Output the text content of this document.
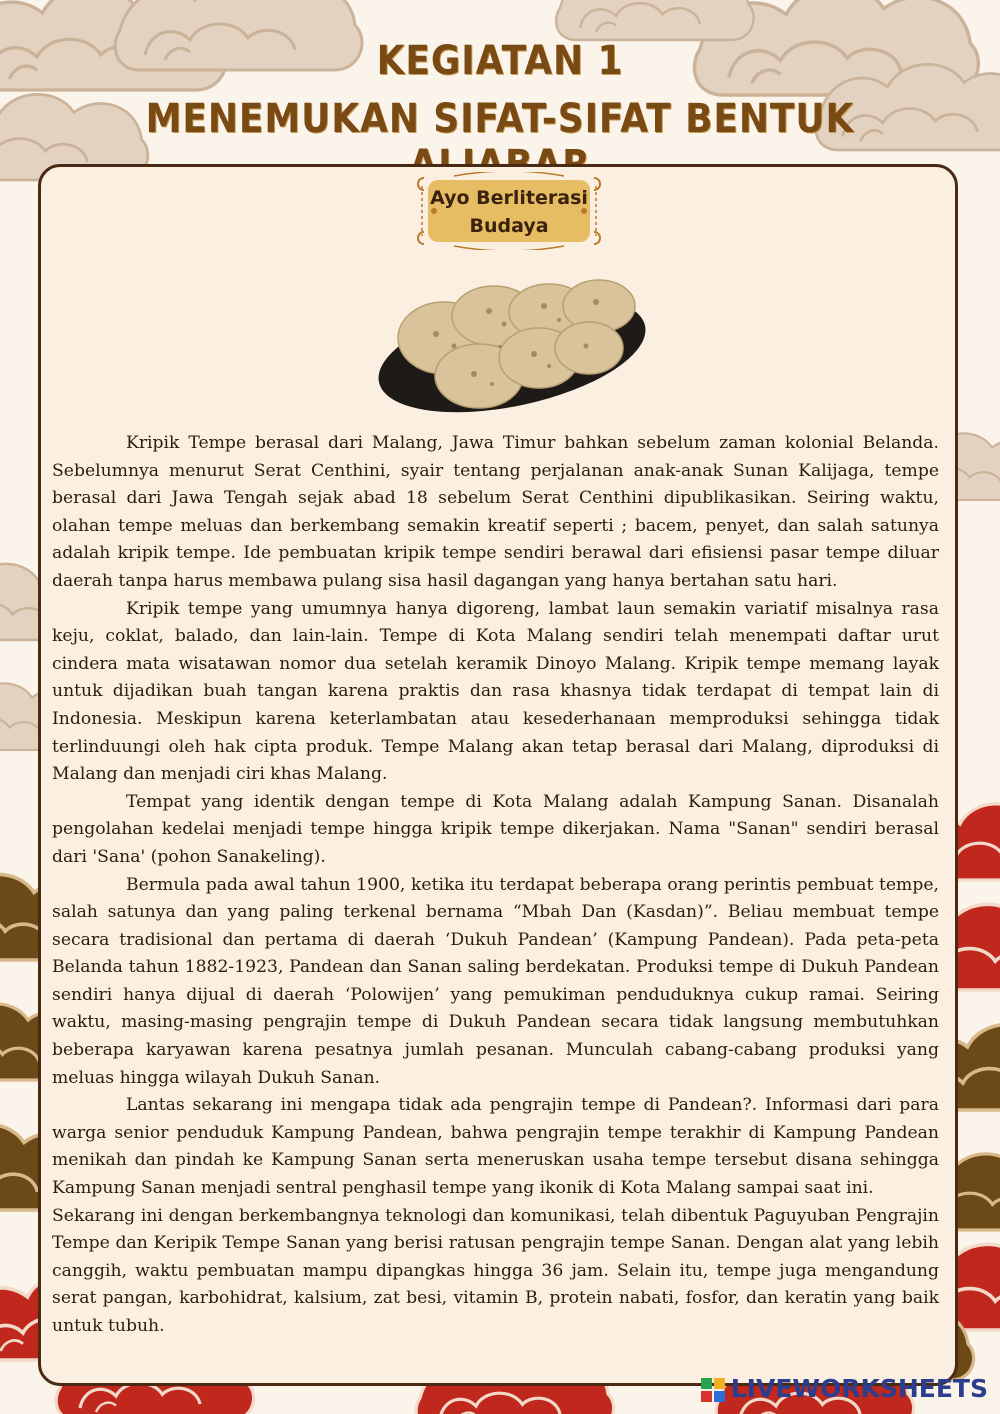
KEGIATAN 1
MENEMUKAN SIFAT-SIFAT BENTUK
Ayo Berliterasi
Budaya

Kripik Tempe berasal dari Malang, Jawa Timur bahkan sebelum zaman kolonial Belanda. Sebelumnya menurut Serat Centhini, syair tentang perjalanan anak-anak Sunan Kalijaga, tempe berasal dari Jawa Tengah sejak abad 18 sebelum Serat Centhini dipublikasikan. Seiring waktu, olahan tempe meluas dan berkembang semakin kreatif seperti ; bacem, penyet, dan salah satunya adalah kripik tempe. Ide pembuatan kripik tempe sendiri berawal dari efisiensi pasar tempe diluar daerah tanpa harus membawa pulang sisa hasil dagangan yang hanya bertahan satu hari.

Kripik tempe yang umumnya hanya digoreng, lambat laun semakin variatif misalnya rasa keju, coklat, balado, dan lain-lain. Tempe di Kota Malang sendiri telah menempati daftar urut cindera mata wisatawan nomor dua setelah keramik Dinoyo Malang. Kripik tempe memang layak untuk dijadikan buah tangan karena praktis dan rasa khasnya tidak terdapat di tempat lain di Indonesia. Meskipun karena keterlambatan atau kesederhanaan memproduksi sehingga tidak terlinduungi oleh hak cipta produk. Tempe Malang akan tetap berasal dari Malang, diproduksi di Malang dan menjadi ciri khas Malang.

Tempat yang identik dengan tempe di Kota Malang adalah Kampung Sanan. Disanalah pengolahan kedelai menjadi tempe hingga kripik tempe dikerjakan. Nama "Sanan" sendiri berasal dari 'Sana' (pohon Sanakeling).

Bermula pada awal tahun 1900, ketika itu terdapat beberapa orang perintis pembuat tempe, salah satunya dan yang paling terkenal bernama “Mbah Dan (Kasdan)”. Beliau membuat tempe secara tradisional dan pertama di daerah ‘Dukuh Pandean’ (Kampung Pandean). Pada peta-peta Belanda tahun 1882-1923, Pandean dan Sanan saling berdekatan. Produksi tempe di Dukuh Pandean sendiri hanya dijual di daerah ‘Polowijen’ yang pemukiman penduduknya cukup ramai. Seiring waktu, masing-masing pengrajin tempe di Dukuh Pandean secara tidak langsung membutuhkan beberapa karyawan karena pesatnya jumlah pesanan. Munculah cabang-cabang produksi yang meluas hingga wilayah Dukuh Sanan.

Lantas sekarang ini mengapa tidak ada pengrajin tempe di Pandean?. Informasi dari para warga senior penduduk Kampung Pandean, bahwa pengrajin tempe terakhir di Kampung Pandean menikah dan pindah ke Kampung Sanan serta meneruskan usaha tempe tersebut disana sehingga Kampung Sanan menjadi sentral penghasil tempe yang ikonik di Kota Malang sampai saat ini.

Sekarang ini dengan berkembangnya teknologi dan komunikasi, telah dibentuk Paguyuban Pengrajin Tempe dan Keripik Tempe Sanan yang berisi ratusan pengrajin tempe Sanan. Dengan alat yang lebih canggih, waktu pembuatan mampu dipangkas hingga 36 jam. Selain itu, tempe juga mengandung serat pangan, karbohidrat, kalsium, zat besi, vitamin B, protein nabati, fosfor, dan keratin yang baik untuk tubuh.

LIVEWORKSHEETS
